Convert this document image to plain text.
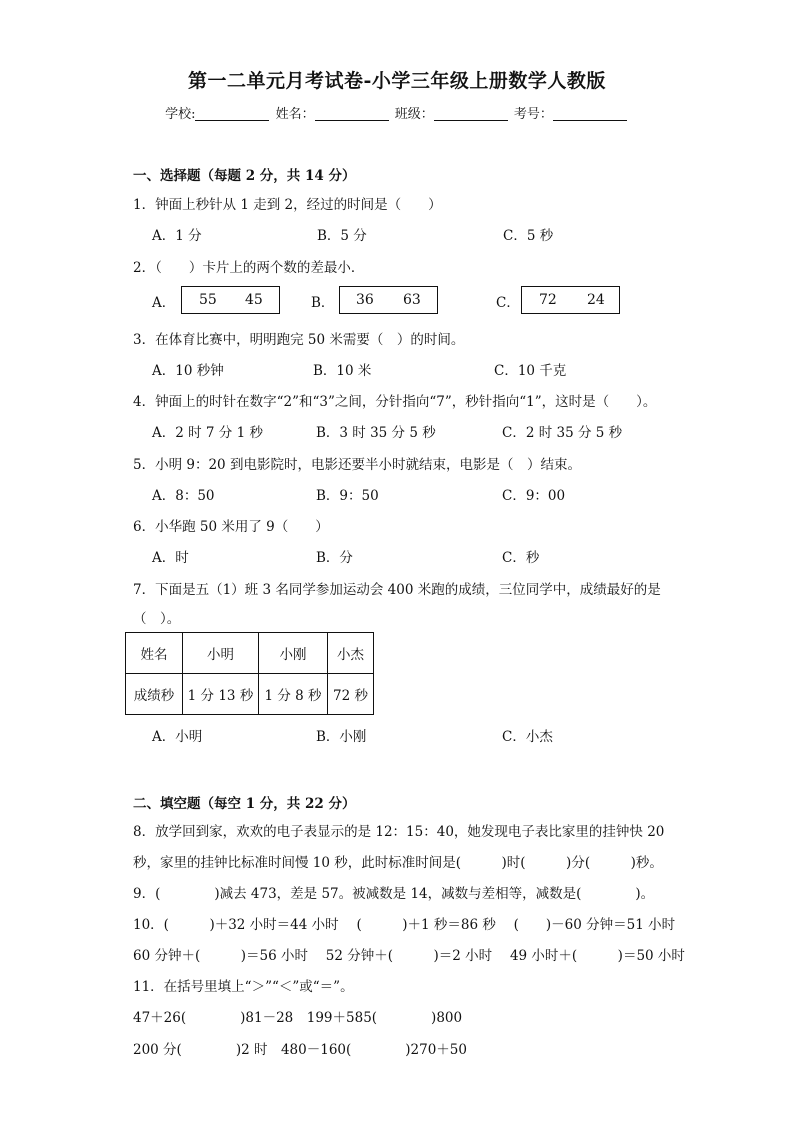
第一二单元月考试卷-小学三年级上册数学人教版
学校:	姓名：	班级：	考号：
一、选择题（每题 2 分，共 14 分）
1．钟面上秒针从 1 走到 2，经过的时间是（　　）
A．1 分	B．5 分	C．5 秒
2．（　　）卡片上的两个数的差最小．
A． 55 45	B． 36 63	C． 72 24
3．在体育比赛中，明明跑完 50 米需要（　）的时间。
A．10 秒钟	B．10 米	C．10 千克
4．钟面上的时针在数字“2”和“3”之间，分针指向“7”，秒针指向“1”，这时是（　　）。
A．2 时 7 分 1 秒	B．3 时 35 分 5 秒	C．2 时 35 分 5 秒
5．小明 9：20 到电影院时，电影还要半小时就结束，电影是（　）结束。
A．8：50	B．9：50	C．9：00
6．小华跑 50 米用了 9（　　）
A．时	B．分	C．秒
7．下面是五（1）班 3 名同学参加运动会 400 米跑的成绩，三位同学中，成绩最好的是
（　）。
姓名	小明	小刚	小杰
成绩秒	1 分 13 秒	1 分 8 秒	72 秒
A．小明	B．小刚	C．小杰
二、填空题（每空 1 分，共 22 分）
8．放学回到家，欢欢的电子表显示的是 12：15：40，她发现电子表比家里的挂钟快 20
秒，家里的挂钟比标准时间慢 10 秒，此时标准时间是(　　　)时(　　　)分(　　　)秒。
9．(　　　　)减去 473，差是 57。被减数是 14，减数与差相等，减数是(　　　　)。
10．(　　　)＋32 小时＝44 小时　 (　　　)＋1 秒＝86 秒　 (　　)－60 分钟＝51 小时
60 分钟＋(　　　)＝56 小时　 52 分钟＋(　　　)＝2 小时　 49 小时＋(　　　)＝50 小时
11．在括号里填上“＞”“＜”或“＝”。
47＋26(　　　　)81－28　199＋585(　　　　)800
200 分(　　　　)2 时　480－160(　　　　)270＋50
